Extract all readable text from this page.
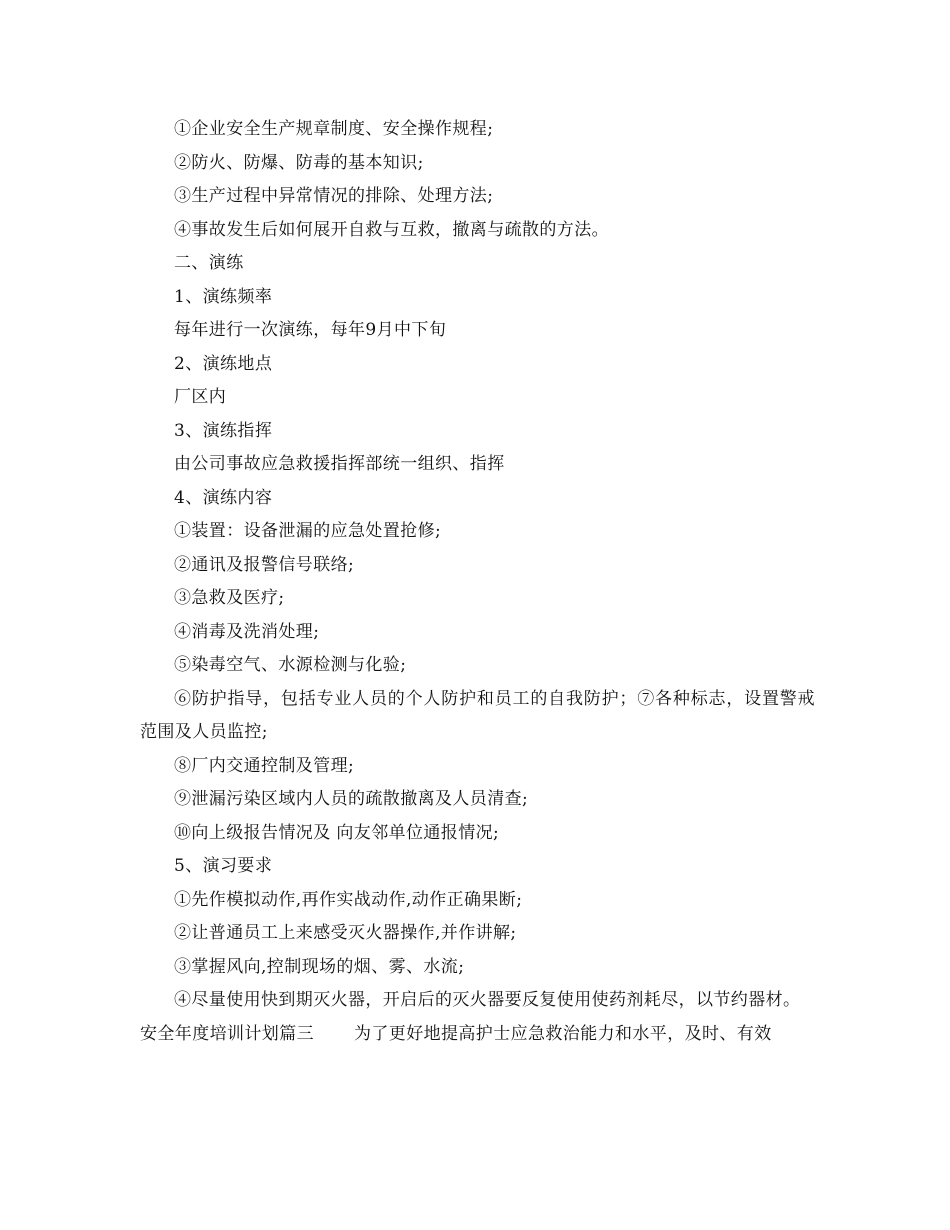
①企业安全生产规章制度、安全操作规程;
②防火、防爆、防毒的基本知识;
③生产过程中异常情况的排除、处理方法;
④事故发生后如何展开自救与互救，撤离与疏散的方法。
二、演练
1、演练频率
每年进行一次演练，每年9月中下旬
2、演练地点
厂区内
3、演练指挥
由公司事故应急救援指挥部统一组织、指挥
4、演练内容
①装置：设备泄漏的应急处置抢修;
②通讯及报警信号联络;
③急救及医疗;
④消毒及洗消处理;
⑤染毒空气、水源检测与化验;
⑥防护指导，包括专业人员的个人防护和员工的自我防护；⑦各种标志，设置警戒范围及人员监控;
⑧厂内交通控制及管理;
⑨泄漏污染区域内人员的疏散撤离及人员清查;
⑩向上级报告情况及 向友邻单位通报情况;
5、演习要求
①先作模拟动作,再作实战动作,动作正确果断;
②让普通员工上来感受灭火器操作,并作讲解;
③掌握风向,控制现场的烟、雾、水流;
④尽量使用快到期灭火器，开启后的灭火器要反复使用使药剂耗尽，以节约器材。
安全年度培训计划篇三 为了更好地提高护士应急救治能力和水平，及时、有效
